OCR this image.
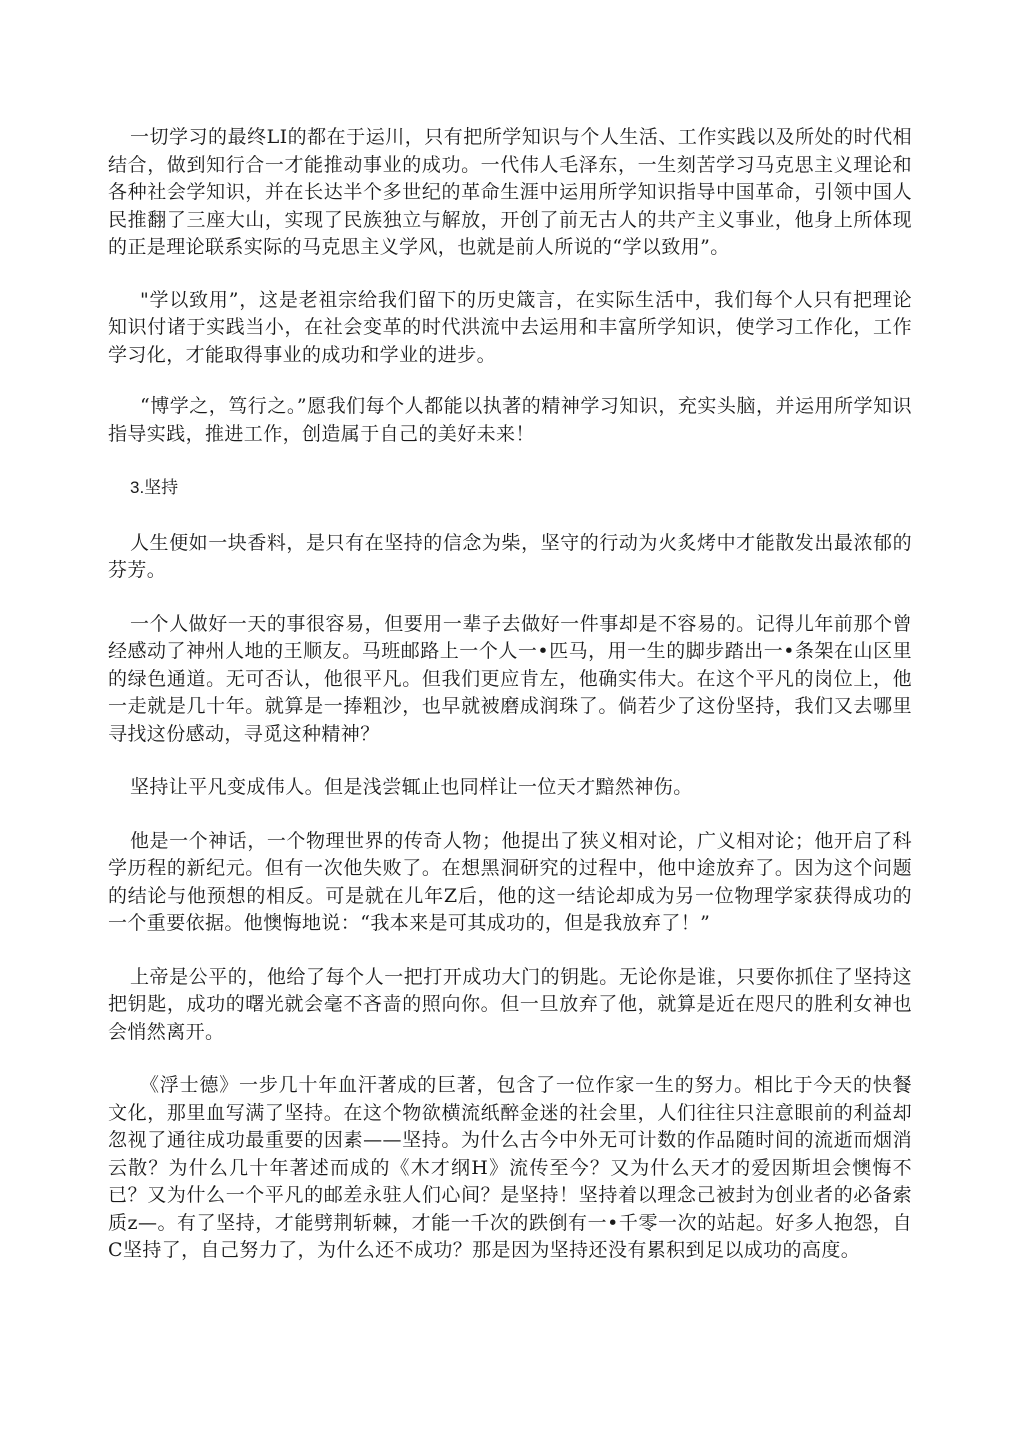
一切学习的最终LI的都在于运川，只有把所学知识与个人生活、工作实践以及所处的时代相结合，做到知行合一才能推动事业的成功。一代伟人毛泽东，一生刻苦学习马克思主义理论和各种社会学知识，并在长达半个多世纪的革命生涯中运用所学知识指导中国革命，引领中国人民推翻了三座大山，实现了民族独立与解放，开创了前无古人的共产主义事业，他身上所体现的正是理论联系实际的马克思主义学风，也就是前人所说的“学以致用”。

"学以致用”，这是老祖宗给我们留下的历史箴言，在实际生活中，我们每个人只有把理论知识付诸于实践当小，在社会变革的时代洪流中去运用和丰富所学知识，使学习工作化，工作学习化，才能取得事业的成功和学业的进步。

“博学之，笃行之。”愿我们每个人都能以执著的精神学习知识，充实头脑，并运用所学知识指导实践，推进工作，创造属于自己的美好未来！

3.坚持

人生便如一块香料，是只有在坚持的信念为柴，坚守的行动为火炙烤中才能散发出最浓郁的芬芳。

一个人做好一天的事很容易，但要用一辈子去做好一件事却是不容易的。记得儿年前那个曾经感动了神州人地的王顺友。马班邮路上一个人一•匹马，用一生的脚步踏出一•条架在山区里的绿色通道。无可否认，他很平凡。但我们更应肯左，他确实伟大。在这个平凡的岗位上，他一走就是几十年。就算是一捧粗沙，也早就被磨成润珠了。倘若少了这份坚持，我们又去哪里寻找这份感动，寻觅这种精神？

坚持让平凡变成伟人。但是浅尝辄止也同样让一位天才黯然神伤。

他是一个神话，一个物理世界的传奇人物；他提出了狭义相对论，广义相对论；他开启了科学历程的新纪元。但有一次他失败了。在想黑洞研究的过程中，他中途放弃了。因为这个问题的结论与他预想的相反。可是就在儿年Z后，他的这一结论却成为另一位物理学家获得成功的一个重要依据。他懊悔地说：“我本来是可其成功的，但是我放弃了！”

上帝是公平的，他给了每个人一把打开成功大门的钥匙。无论你是谁，只要你抓住了坚持这把钥匙，成功的曙光就会毫不吝啬的照向你。但一旦放弃了他，就算是近在咫尺的胜利女神也会悄然离开。

《浮士德》一步几十年血汗著成的巨著，包含了一位作家一生的努力。相比于今天的快餐文化，那里血写满了坚持。在这个物欲横流纸醉金迷的社会里，人们往往只注意眼前的利益却忽视了通往成功最重要的因素——坚持。为什么古今中外无可计数的作品随时间的流逝而烟消云散？为什么几十年著述而成的《木才纲H》流传至今？又为什么天才的爱因斯坦会懊悔不已？又为什么一个平凡的邮差永驻人们心间？是坚持！坚持着以理念己被封为创业者的必备索质z—。有了坚持，才能劈荆斩棘，才能一千次的跌倒有一•千零一次的站起。好多人抱怨，自C坚持了，自己努力了，为什么还不成功？那是因为坚持还没有累积到足以成功的高度。
